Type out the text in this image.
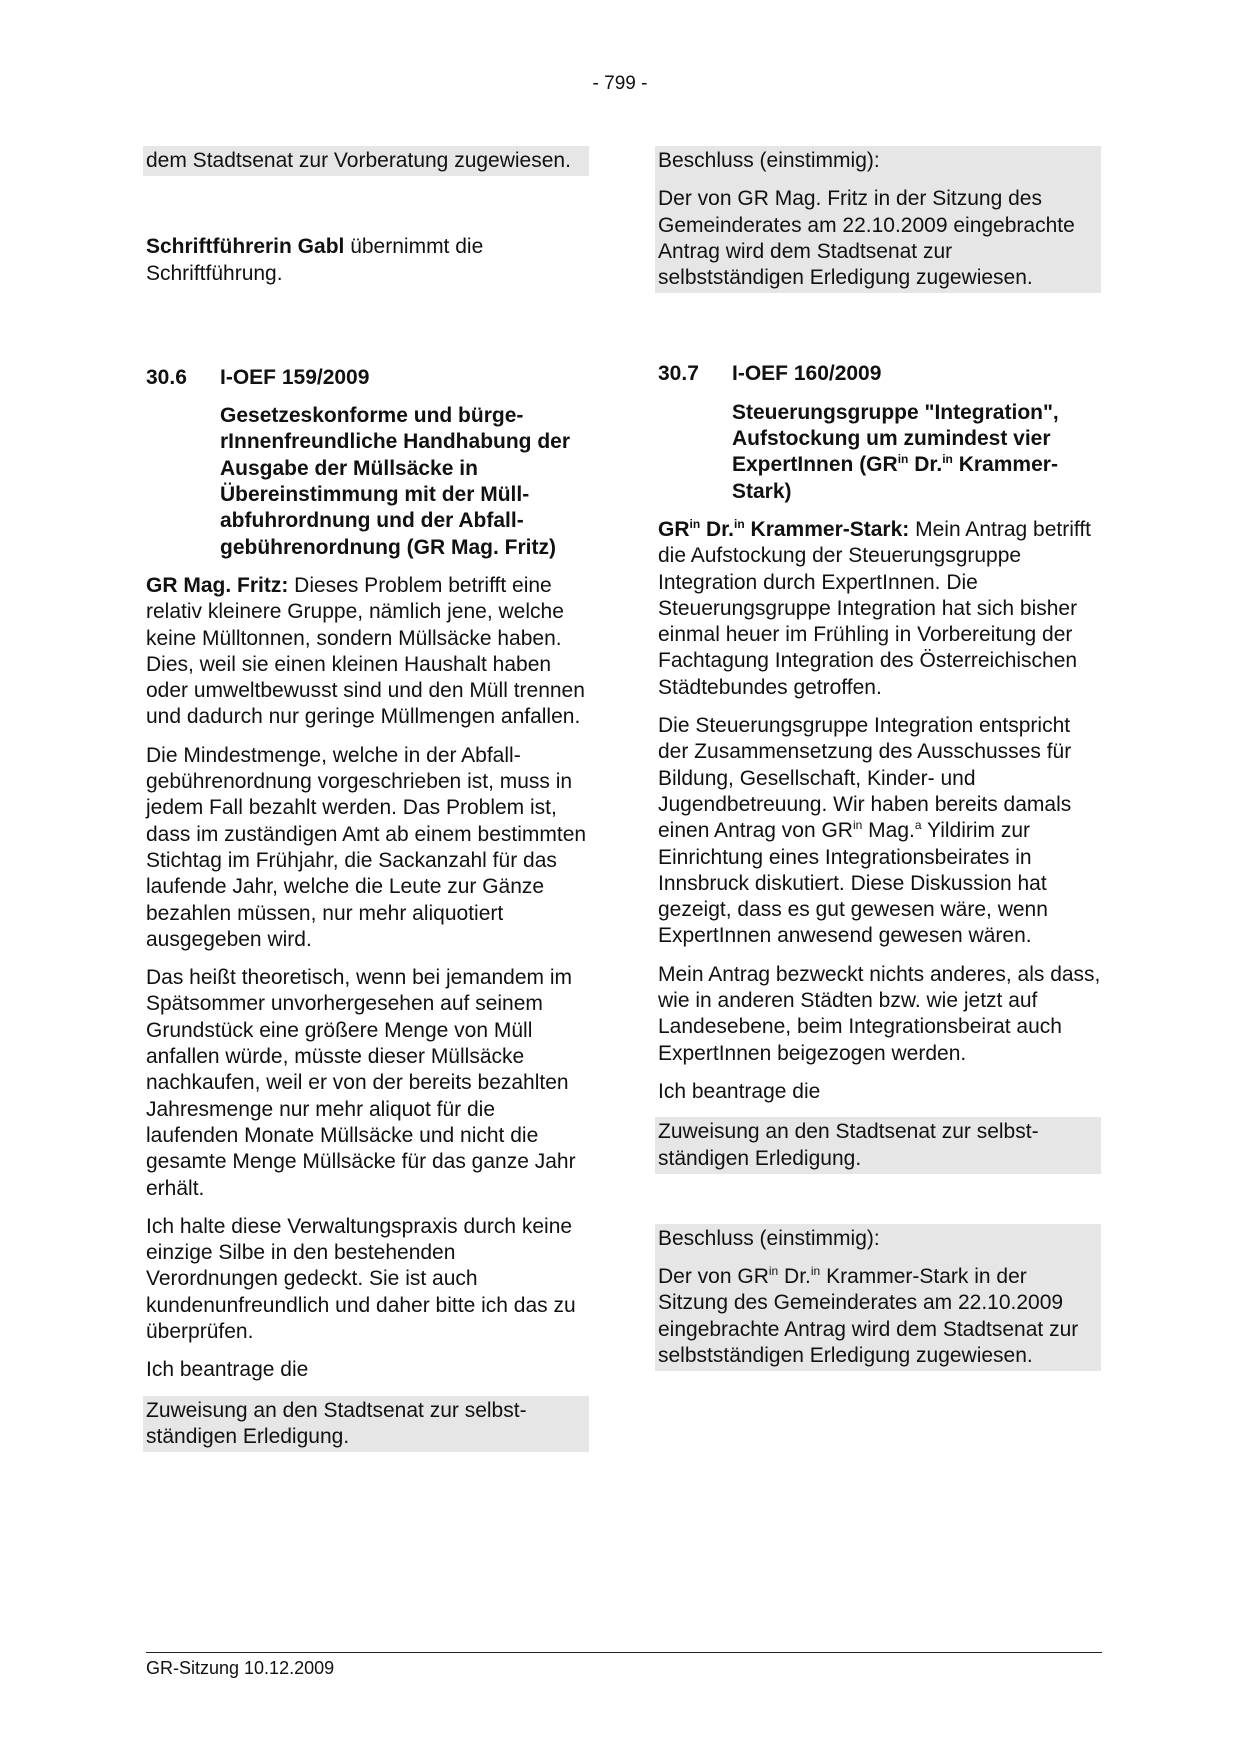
- 799 -
dem Stadtsenat zur Vorberatung zugewiesen.

Schriftführerin Gabl übernimmt die Schriftführung.

30.6	I-OEF 159/2009
Gesetzeskonforme und bürgerInnenfreundliche Handhabung der Ausgabe der Müllsäcke in Übereinstimmung mit der Müllabfuhrordnung und der Abfallgebührenordnung (GR Mag. Fritz)

GR Mag. Fritz: Dieses Problem betrifft eine relativ kleinere Gruppe, nämlich jene, welche keine Mülltonnen, sondern Müllsäcke haben. Dies, weil sie einen kleinen Haushalt haben oder umweltbewusst sind und den Müll trennen und dadurch nur geringe Müllmengen anfallen.

Die Mindestmenge, welche in der Abfallgebührenordnung vorgeschrieben ist, muss in jedem Fall bezahlt werden. Das Problem ist, dass im zuständigen Amt ab einem bestimmten Stichtag im Frühjahr, die Sackanzahl für das laufende Jahr, welche die Leute zur Gänze bezahlen müssen, nur mehr aliquotiert ausgegeben wird.

Das heißt theoretisch, wenn bei jemandem im Spätsommer unvorhergesehen auf seinem Grundstück eine größere Menge von Müll anfallen würde, müsste dieser Müllsäcke nachkaufen, weil er von der bereits bezahlten Jahresmenge nur mehr aliquot für die laufenden Monate Müllsäcke und nicht die gesamte Menge Müllsäcke für das ganze Jahr erhält.

Ich halte diese Verwaltungspraxis durch keine einzige Silbe in den bestehenden Verordnungen gedeckt. Sie ist auch kundenunfreundlich und daher bitte ich das zu überprüfen.

Ich beantrage die

Zuweisung an den Stadtsenat zur selbstständigen Erledigung.
Beschluss (einstimmig):
Der von GR Mag. Fritz in der Sitzung des Gemeinderates am 22.10.2009 eingebrachte Antrag wird dem Stadtsenat zur selbstständigen Erledigung zugewiesen.
30.7	I-OEF 160/2009
Steuerungsgruppe "Integration", Aufstockung um zumindest vier ExpertInnen ($GR^{in}$ Dr.$^{in}$ Krammer-Stark)

$GR^{in}$ Dr.$^{in}$ Krammer-Stark: Mein Antrag betrifft die Aufstockung der Steuerungsgruppe Integration durch ExpertInnen. Die Steuerungsgruppe Integration hat sich bisher einmal heuer im Frühling in Vorbereitung der Fachtagung Integration des Österreichischen Städtebundes getroffen.

Die Steuerungsgruppe Integration entspricht der Zusammensetzung des Ausschusses für Bildung, Gesellschaft, Kinder- und Jugendbetreuung. Wir haben bereits damals einen Antrag von $GR^{in}$ Mag.$^a$ Yildirim zur Einrichtung eines Integrationsbeirates in Innsbruck diskutiert. Diese Diskussion hat gezeigt, dass es gut gewesen wäre, wenn ExpertInnen anwesend gewesen wären.

Mein Antrag bezweckt nichts anderes, als dass, wie in anderen Städten bzw. wie jetzt auf Landesebene, beim Integrationsbeirat auch ExpertInnen beigezogen werden.

Ich beantrage die

Zuweisung an den Stadtsenat zur selbstständigen Erledigung.
Beschluss (einstimmig):
Der von $GR^{in}$ Dr.$^{in}$ Krammer-Stark in der Sitzung des Gemeinderates am 22.10.2009 eingebrachte Antrag wird dem Stadtsenat zur selbstständigen Erledigung zugewiesen.
GR-Sitzung 10.12.2009
